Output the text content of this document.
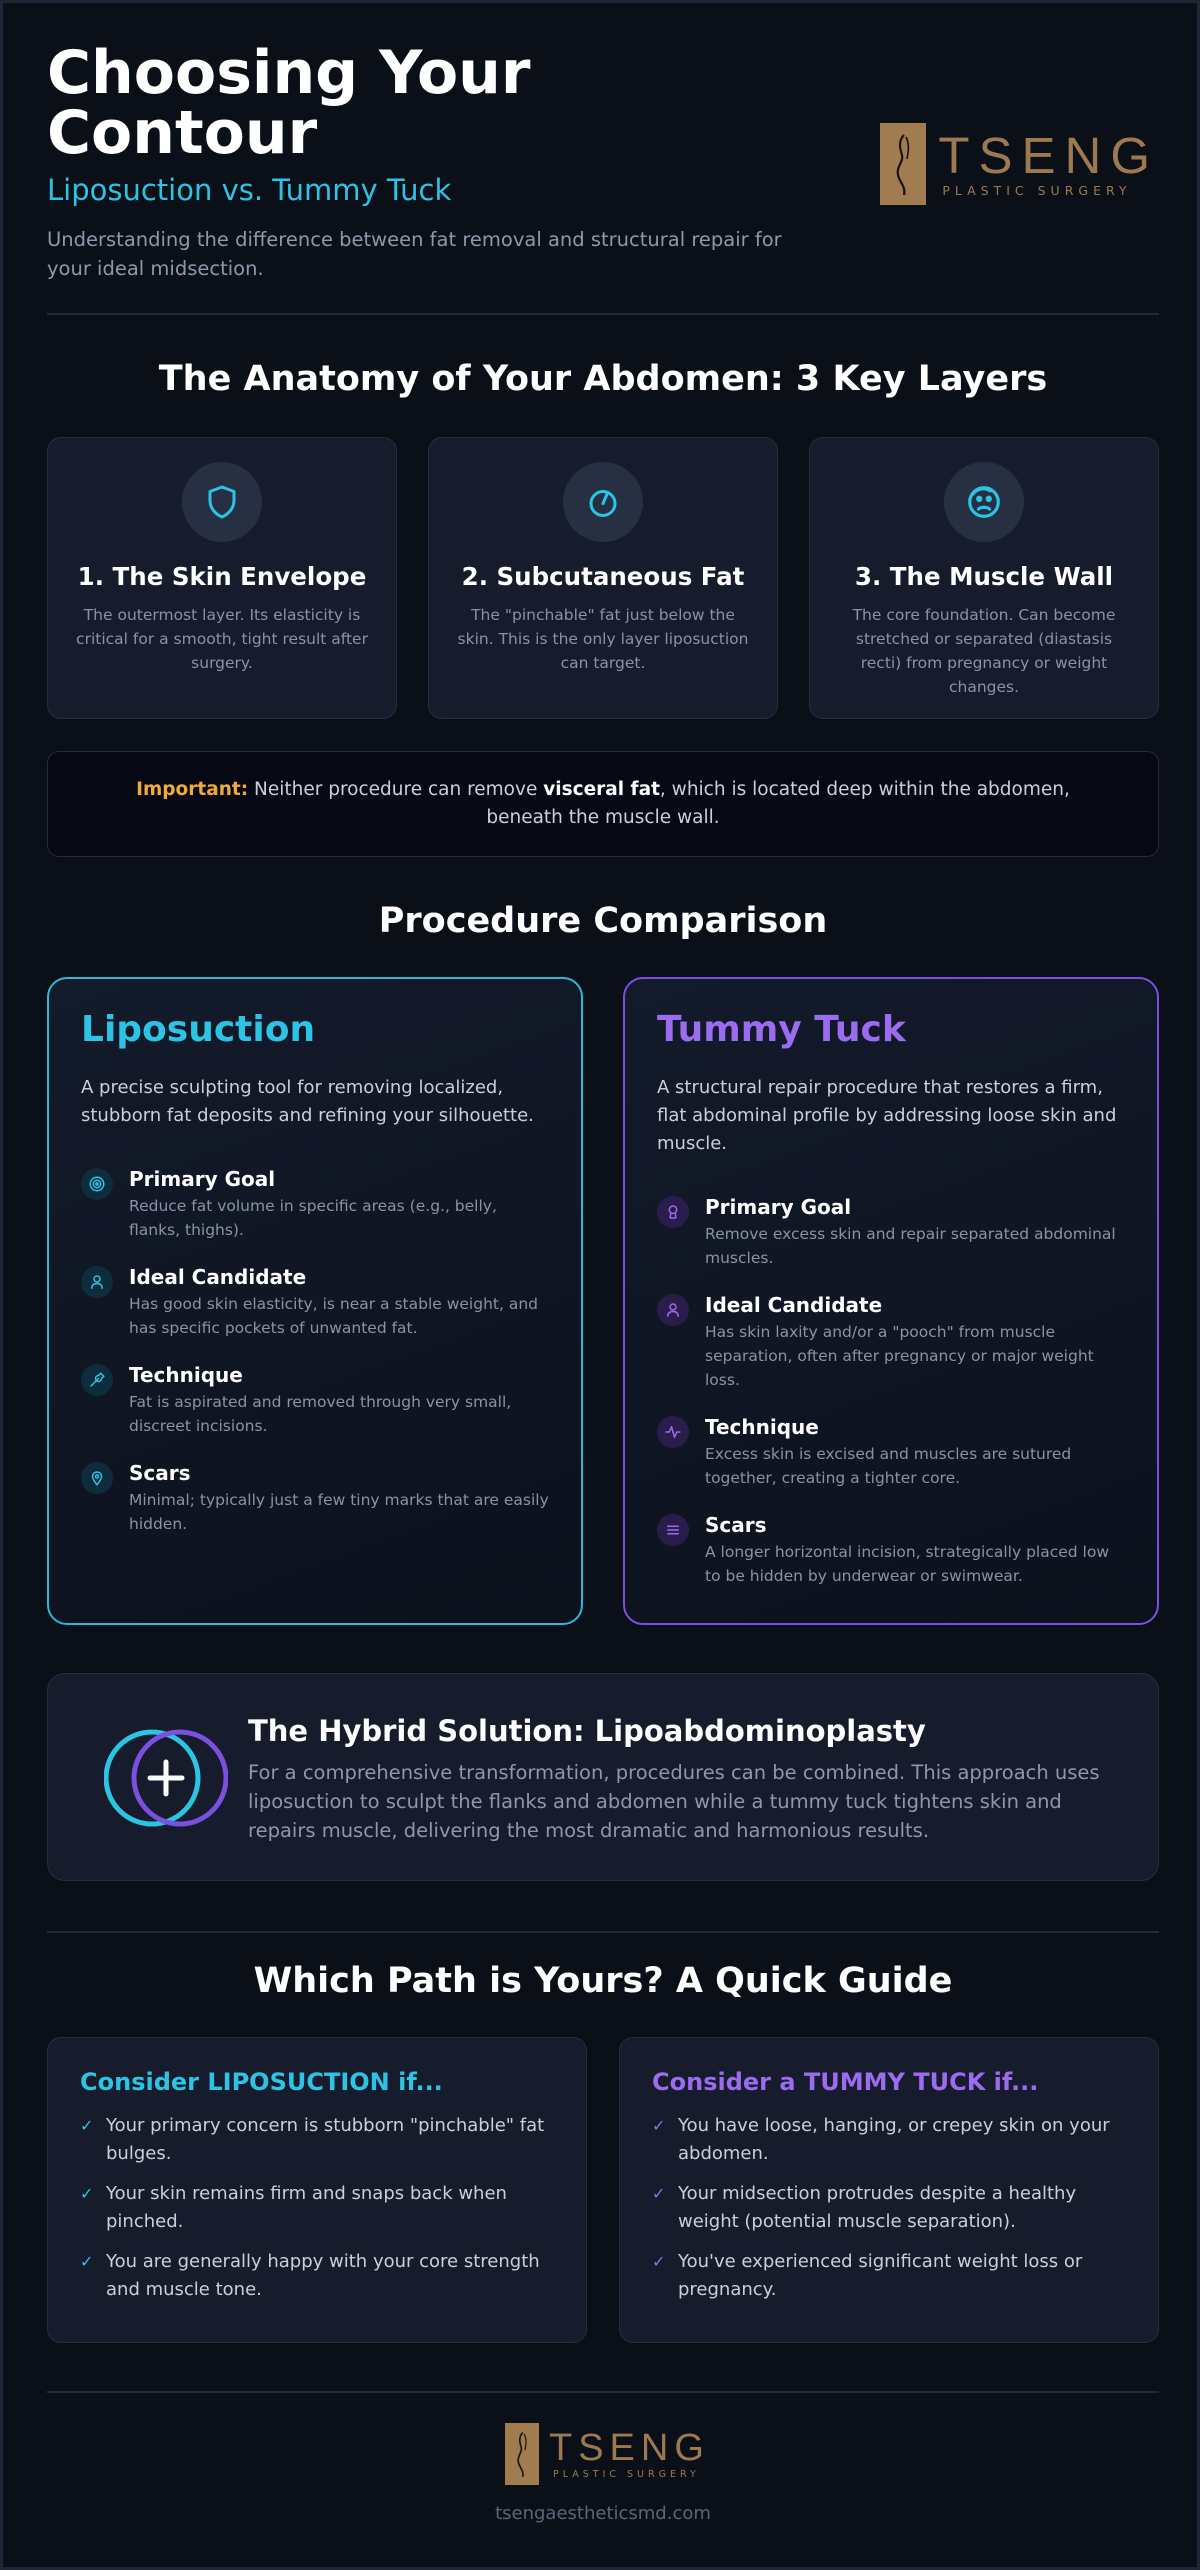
Choosing Your Contour
Liposuction vs. Tummy Tuck

Understanding the difference between fat removal and structural repair for your ideal midsection.

TSENG
PLASTIC SURGERY
The Anatomy of Your Abdomen: 3 Key Layers
1. The Skin Envelope
The outermost layer. Its elasticity is critical for a smooth, tight result after surgery.
2. Subcutaneous Fat
The "pinchable" fat just below the skin. This is the only layer liposuction can target.
3. The Muscle Wall
The core foundation. Can become stretched or separated (diastasis recti) from pregnancy or weight changes.
Important: Neither procedure can remove visceral fat, which is located deep within the abdomen, beneath the muscle wall.
Procedure Comparison
Liposuction

A precise sculpting tool for removing localized, stubborn fat deposits and refining your silhouette.

Primary Goal
Reduce fat volume in specific areas (e.g., belly, flanks, thighs).
Ideal Candidate
Has good skin elasticity, is near a stable weight, and has specific pockets of unwanted fat.
Technique
Fat is aspirated and removed through very small, discreet incisions.
Scars
Minimal; typically just a few tiny marks that are easily hidden.
Tummy Tuck

A structural repair procedure that restores a firm, flat abdominal profile by addressing loose skin and muscle.

Primary Goal
Remove excess skin and repair separated abdominal muscles.
Ideal Candidate
Has skin laxity and/or a "pooch" from muscle separation, often after pregnancy or major weight loss.
Technique
Excess skin is excised and muscles are sutured together, creating a tighter core.
Scars
A longer horizontal incision, strategically placed low to be hidden by underwear or swimwear.
The Hybrid Solution: Lipoabdominoplasty

For a comprehensive transformation, procedures can be combined. This approach uses liposuction to sculpt the flanks and abdomen while a tummy tuck tightens skin and repairs muscle, delivering the most dramatic and harmonious results.

Which Path is Yours? A Quick Guide
Consider LIPOSUCTION if...
✓ Your primary concern is stubborn "pinchable" fat bulges.
✓ Your skin remains firm and snaps back when pinched.
✓ You are generally happy with your core strength and muscle tone.
Consider a TUMMY TUCK if...
✓ You have loose, hanging, or crepey skin on your abdomen.
✓ Your midsection protrudes despite a healthy weight (potential muscle separation).
✓ You've experienced significant weight loss or pregnancy.
TSENG
PLASTIC SURGERY
tsengaestheticsmd.com
